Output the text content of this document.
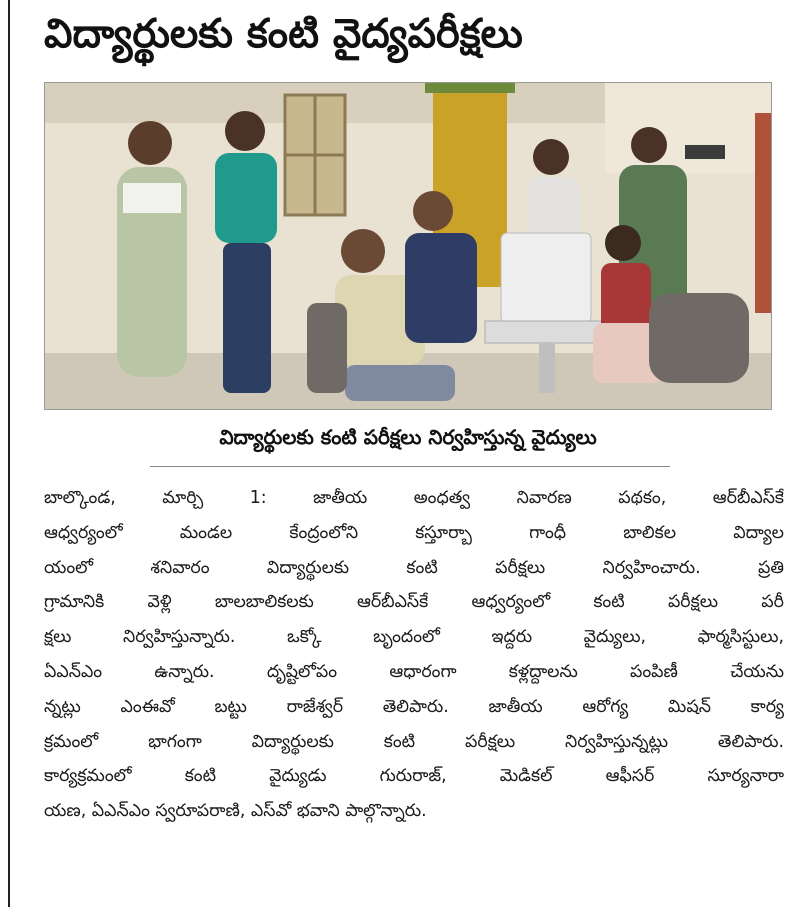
విద్యార్థులకు కంటి వైద్యపరీక్షలు
విద్యార్థులకు కంటి పరీక్షలు నిర్వహిస్తున్న వైద్యులు
బాల్కొండ, మార్చి 1: జాతీయ అంధత్వ నివారణ పథకం, ఆర్‌బీఎస్‌కే
ఆధ్వర్యంలో మండల కేంద్రంలోని కస్తూర్బా గాంధీ బాలికల విద్యాల
యంలో శనివారం విద్యార్థులకు కంటి పరీక్షలు నిర్వహించారు. ప్రతి
గ్రామానికి వెళ్లి బాలబాలికలకు ఆర్‌బీఎస్‌కే ఆధ్వర్యంలో కంటి పరీక్షలు పరీ
క్షలు నిర్వహిస్తున్నారు. ఒక్కో బృందంలో ఇద్దరు వైద్యులు, ఫార్మసిస్టులు,
ఏఎన్‌ఎం ఉన్నారు. దృష్టిలోపం ఆధారంగా కళ్లద్దాలను పంపిణీ చేయను
న్నట్లు ఎంఈవో బట్టు రాజేశ్వర్ తెలిపారు. జాతీయ ఆరోగ్య మిషన్ కార్య
క్రమంలో భాగంగా విద్యార్థులకు కంటి పరీక్షలు నిర్వహిస్తున్నట్లు తెలిపారు.
కార్యక్రమంలో కంటి వైద్యుడు గురురాజ్, మెడికల్ ఆఫీసర్ సూర్యనారా
యణ, ఏఎన్‌ఎం స్వరూపరాణి, ఎస్‌వో భవాని పాల్గొన్నారు.
